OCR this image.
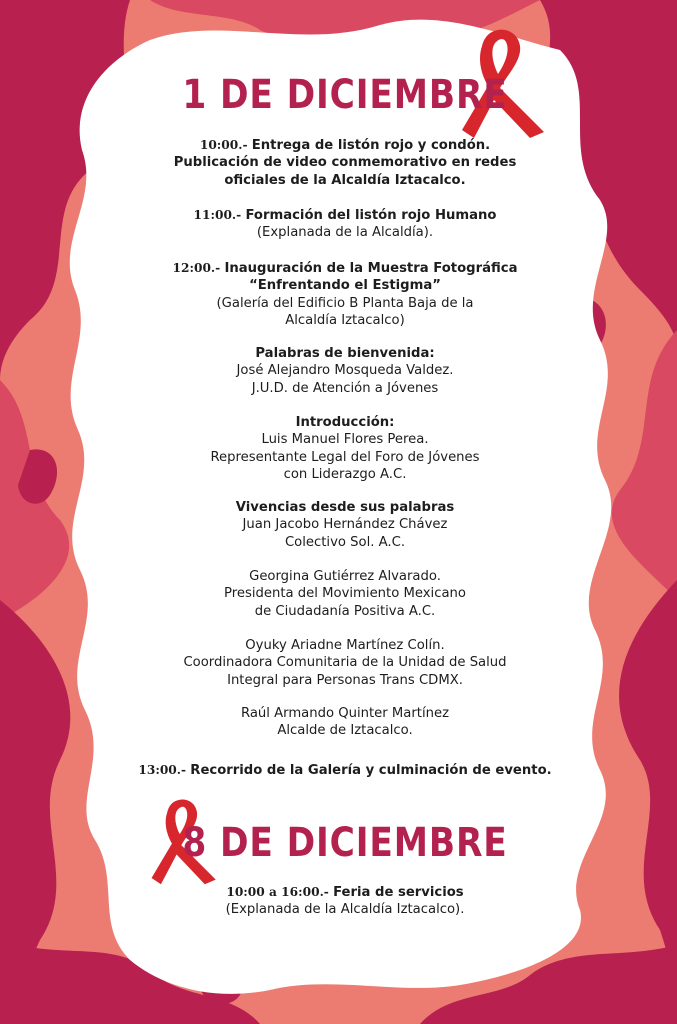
1 DE DICIEMBRE
10:00.- Entrega de listón rojo y condón.
Publicación de video conmemorativo en redes
oficiales de la Alcaldía Iztacalco.
11:00.- Formación del listón rojo Humano
(Explanada de la Alcaldía).
12:00.- Inauguración de la Muestra Fotográfica
“Enfrentando el Estigma”
(Galería del Edificio B Planta Baja de la
Alcaldía Iztacalco)
Palabras de bienvenida:
José Alejandro Mosqueda Valdez.
J.U.D. de Atención a Jóvenes
Introducción:
Luis Manuel Flores Perea.
Representante Legal del Foro de Jóvenes
con Liderazgo A.C.
Vivencias desde sus palabras
Juan Jacobo Hernández Chávez
Colectivo Sol. A.C.
Georgina Gutiérrez Alvarado.
Presidenta del Movimiento Mexicano
de Ciudadanía Positiva A.C.
Oyuky Ariadne Martínez Colín.
Coordinadora Comunitaria de la Unidad de Salud
Integral para Personas Trans CDMX.
Raúl Armando Quinter Martínez
Alcalde de Iztacalco.
13:00.- Recorrido de la Galería y culminación de evento.
8 DE DICIEMBRE
10:00 a 16:00.- Feria de servicios
(Explanada de la Alcaldía Iztacalco).
